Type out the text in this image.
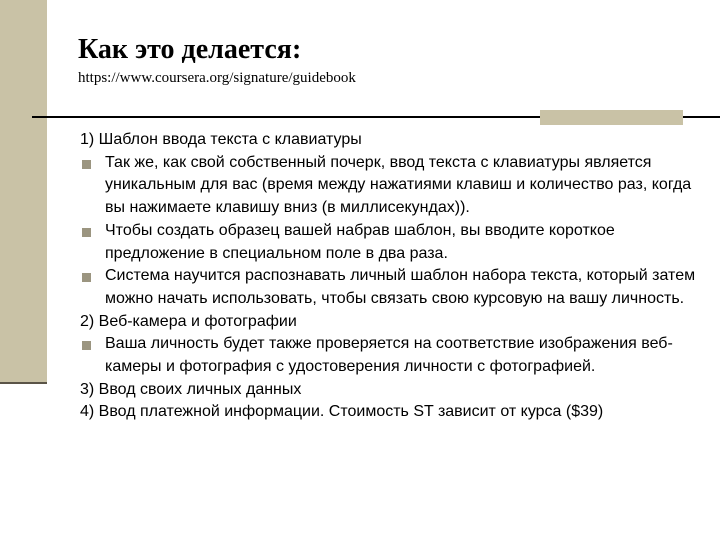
Как это делается:
https://www.coursera.org/signature/guidebook

1) Шаблон ввода текста с клавиатуры

Так же, как свой собственный почерк, ввод текста с клавиатуры является уникальным для вас (время между нажатиями клавиш и количество раз, когда вы нажимаете клавишу вниз (в миллисекундах)).
Чтобы создать образец вашей набрав шаблон, вы вводите короткое предложение в специальном поле в два раза.
Система научится распознавать личный шаблон набора текста, который затем можно начать использовать, чтобы связать свою курсовую на вашу личность.

2) Веб-камера и фотографии

Ваша личность будет также проверяется на соответствие изображения веб-камеры и фотография с удостоверения личности с фотографией.

3) Ввод своих личных данных

4) Ввод платежной информации. Стоимость ST зависит от курса ($39)
